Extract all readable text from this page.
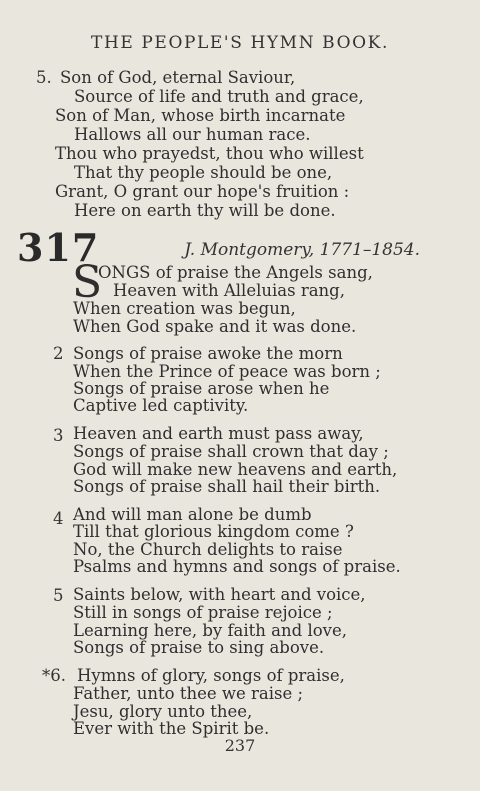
THE PEOPLE'S HYMN BOOK.
5. Son of God, eternal Saviour,
Source of life and truth and grace,
Son of Man, whose birth incarnate
Hallows all our human race.
Thou who prayedst, thou who willest
That thy people should be one,
Grant, O grant our hope's fruition :
Here on earth thy will be done.
317	J. Montgomery, 1771–1854.
S
ONGS of praise the Angels sang,
Heaven with Alleluias rang,
When creation was begun,
When God spake and it was done.
2 Songs of praise awoke the morn
When the Prince of peace was born ;
Songs of praise arose when he
Captive led captivity.
3 Heaven and earth must pass away,
Songs of praise shall crown that day ;
God will make new heavens and earth,
Songs of praise shall hail their birth.
4 And will man alone be dumb
Till that glorious kingdom come ?
No, the Church delights to raise
Psalms and hymns and songs of praise.
5 Saints below, with heart and voice,
Still in songs of praise rejoice ;
Learning here, by faith and love,
Songs of praise to sing above.
*6. Hymns of glory, songs of praise,
Father, unto thee we raise ;
Jesu, glory unto thee,
Ever with the Spirit be.
237
